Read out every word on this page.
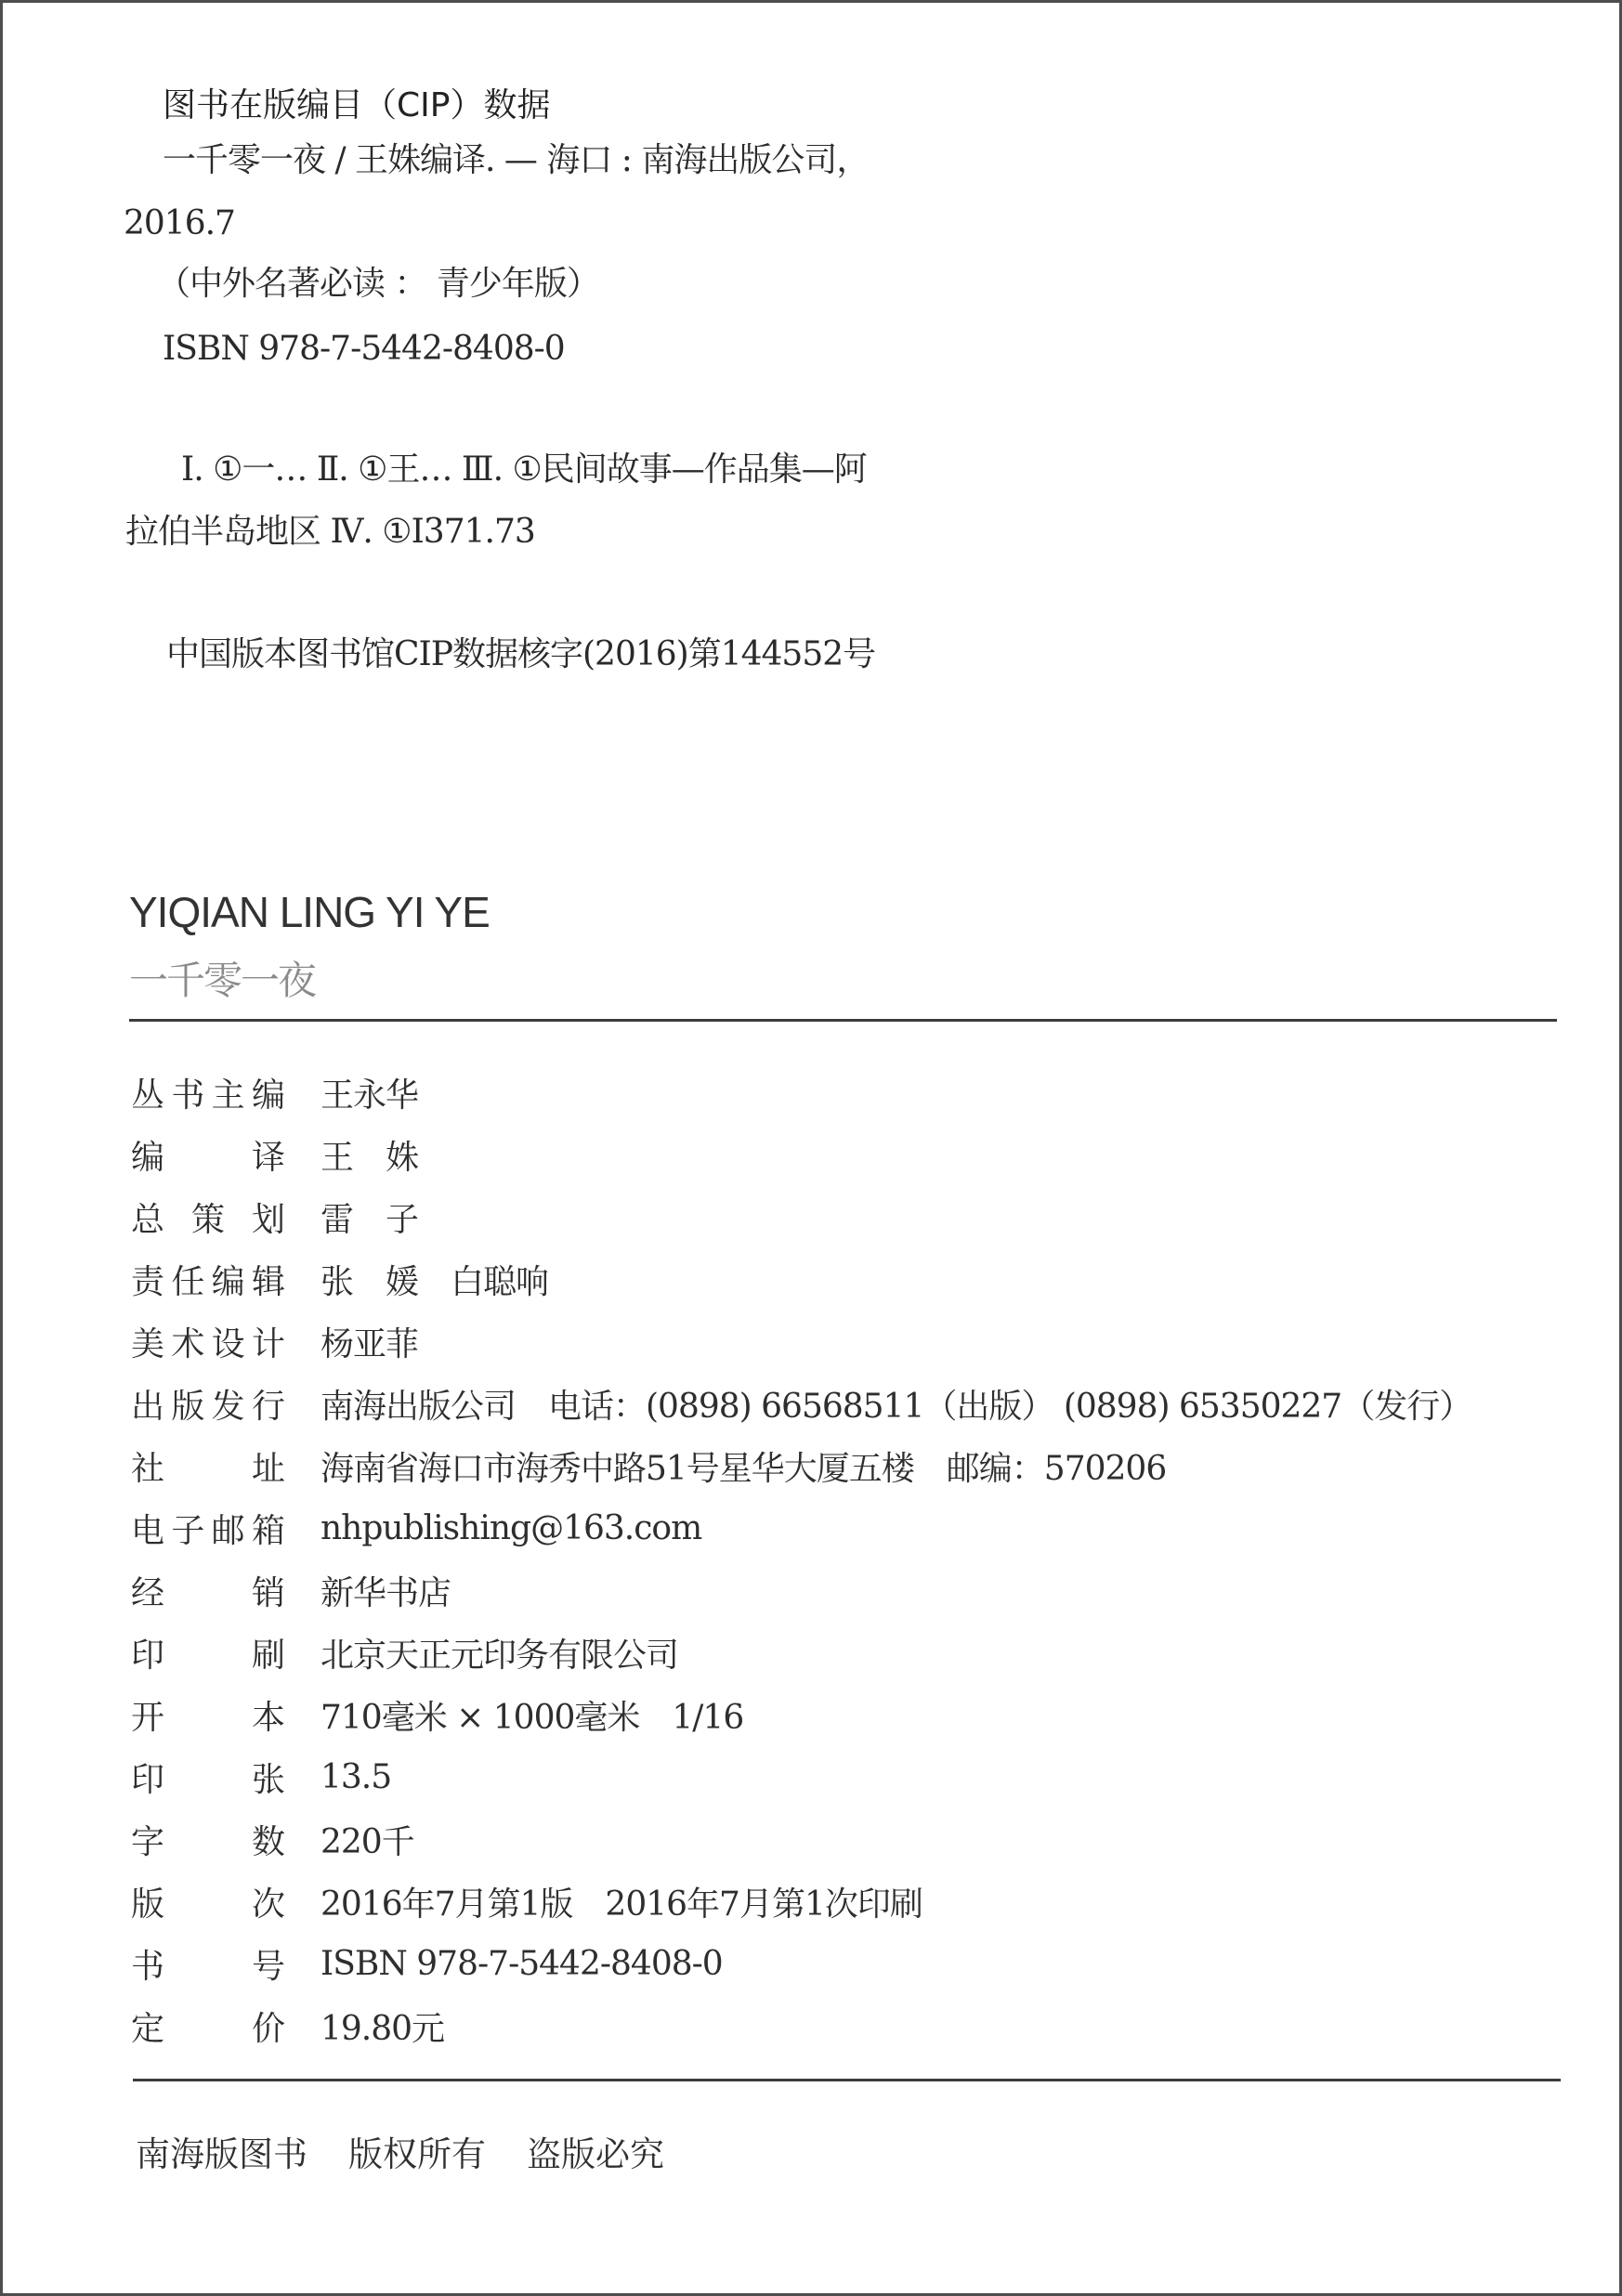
图书在版编目（CIP）数据
一千零一夜 / 王姝编译. — 海口 : 南海出版公司，
2016.7
（中外名著必读 ： 青少年版）
ISBN 978-7-5442-8408-0
Ⅰ. ①一… Ⅱ. ①王… Ⅲ. ①民间故事—作品集—阿
拉伯半岛地区 Ⅳ. ①I371.73
中国版本图书馆CIP数据核字(2016)第144552号
YIQIAN LING YI YE
一千零一夜
丛书主编 王永华
编 译 王　姝
总 策 划 雷　子
责任编辑 张　媛　白聪响
美术设计 杨亚菲
出版发行 南海出版公司　电话：(0898) 66568511（出版） (0898) 65350227（发行）
社 址 海南省海口市海秀中路51号星华大厦五楼　邮编：570206
电子邮箱 nhpublishing@163.com
经 销 新华书店
印 刷 北京天正元印务有限公司
开 本 710毫米 × 1000毫米　1/16
印 张 13.5
字 数 220千
版 次 2016年7月第1版　2016年7月第1次印刷
书 号 ISBN 978-7-5442-8408-0
定 价 19.80元
南海版图书 版权所有 盗版必究
